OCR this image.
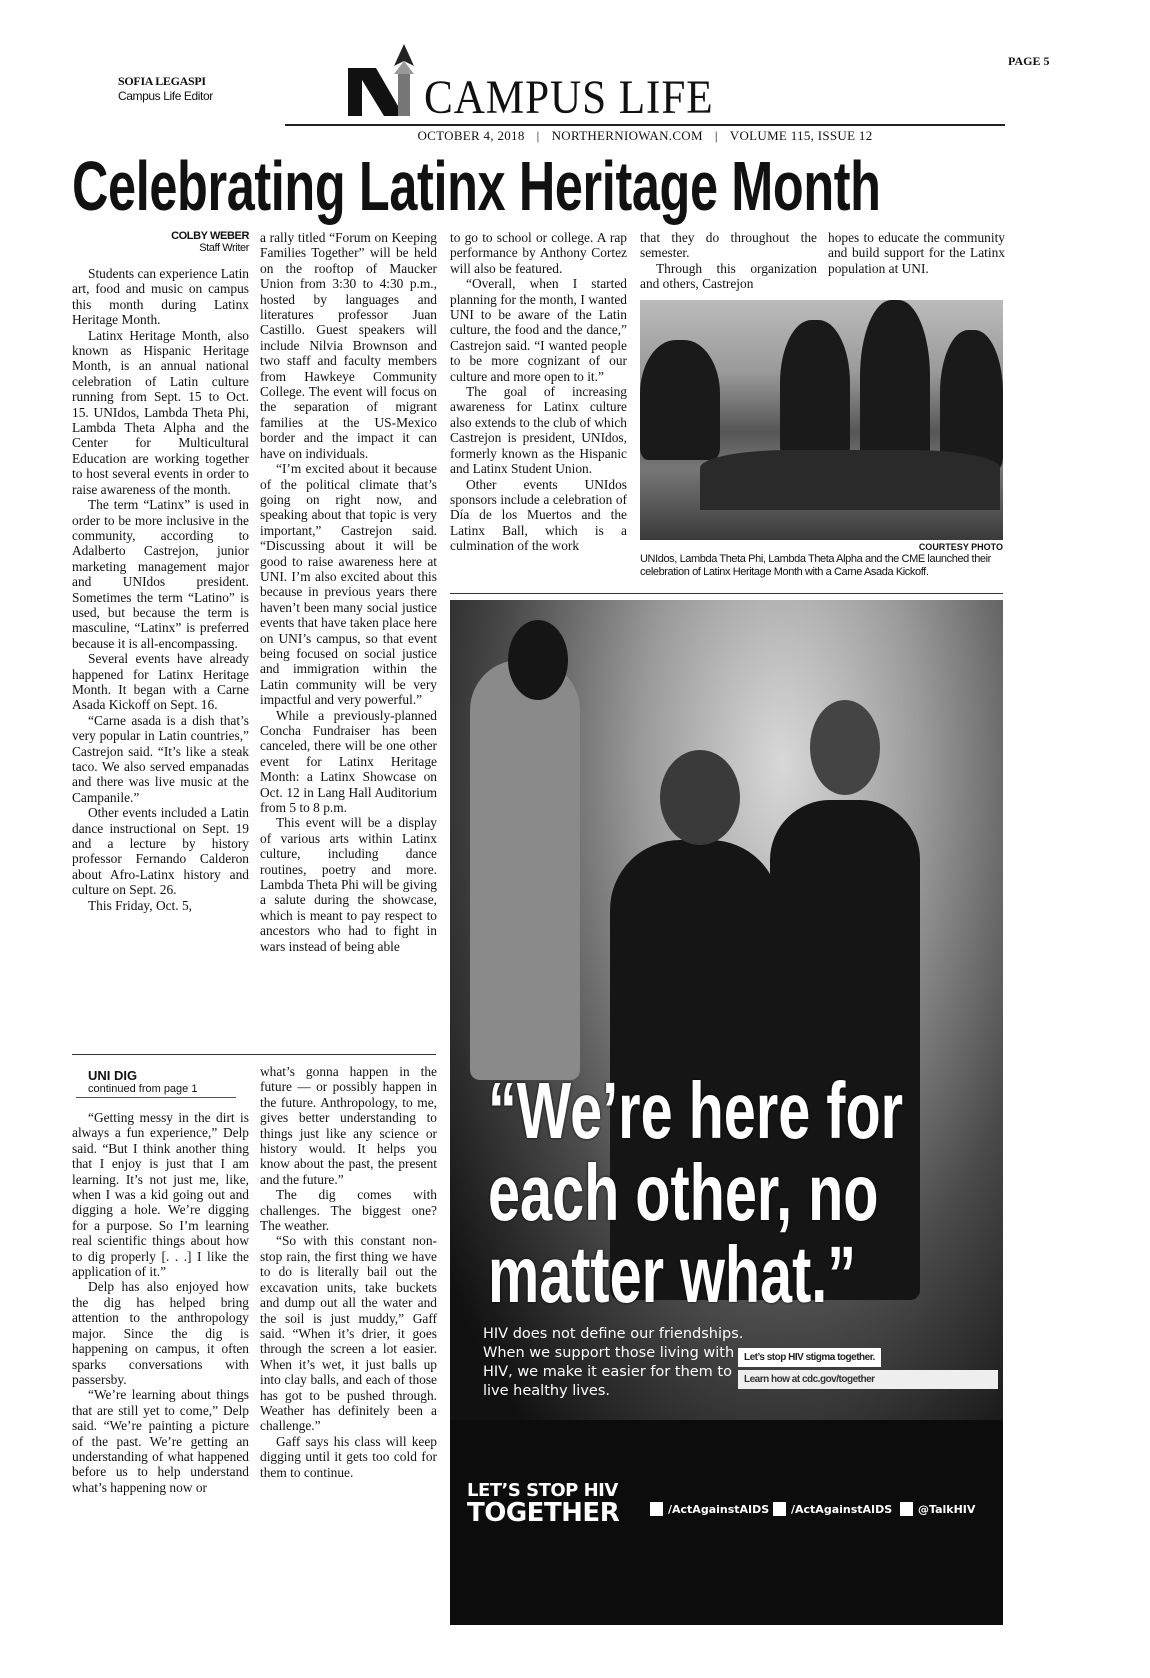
SOFIA LEGASPI
Campus Life Editor	CAMPUS LIFE
PAGE 5
OCTOBER 4, 2018 | NORTHERNIOWAN.COM | VOLUME 115, ISSUE 12
Celebrating Latinx Heritage Month
COLBY WEBER
Staff Writer

Students can experience Latin art, food and music on campus this month during Latinx Heritage Month.

Latinx Heritage Month, also known as Hispanic Heritage Month, is an annual national celebration of Latin culture running from Sept. 15 to Oct. 15. UNIdos, Lambda Theta Phi, Lambda Theta Alpha and the Center for Multicultural Education are working together to host several events in order to raise awareness of the month.

The term “Latinx” is used in order to be more inclusive in the community, according to Adalberto Castrejon, junior marketing management major and UNIdos president. Sometimes the term “Latino” is used, but because the term is masculine, “Latinx” is preferred because it is all-encompassing.

Several events have already happened for Latinx Heritage Month. It began with a Carne Asada Kickoff on Sept. 16.

“Carne asada is a dish that’s very popular in Latin countries,” Castrejon said. “It’s like a steak taco. We also served empanadas and there was live music at the Campanile.”

Other events included a Latin dance instructional on Sept. 19 and a lecture by history professor Fernando Calderon about Afro-Latinx history and culture on Sept. 26.

This Friday, Oct. 5,

a rally titled “Forum on Keeping Families Together” will be held on the rooftop of Maucker Union from 3:30 to 4:30 p.m., hosted by languages and literatures professor Juan Castillo. Guest speakers will include Nilvia Brownson and two staff and faculty members from Hawkeye Community College. The event will focus on the separation of migrant families at the US-Mexico border and the impact it can have on individuals.

“I’m excited about it because of the political climate that’s going on right now, and speaking about that topic is very important,” Castrejon said. “Discussing about it will be good to raise awareness here at UNI. I’m also excited about this because in previous years there haven’t been many social justice events that have taken place here on UNI’s campus, so that event being focused on social justice and immigration within the Latin community will be very impactful and very powerful.”

While a previously-planned Concha Fundraiser has been canceled, there will be one other event for Latinx Heritage Month: a Latinx Showcase on Oct. 12 in Lang Hall Auditorium from 5 to 8 p.m.

This event will be a display of various arts within Latinx culture, including dance routines, poetry and more. Lambda Theta Phi will be giving a salute during the showcase, which is meant to pay respect to ancestors who had to fight in wars instead of being able

to go to school or college. A rap performance by Anthony Cortez will also be featured.

“Overall, when I started planning for the month, I wanted UNI to be aware of the Latin culture, the food and the dance,” Castrejon said. “I wanted people to be more cognizant of our culture and more open to it.”

The goal of increasing awareness for Latinx culture also extends to the club of which Castrejon is president, UNIdos, formerly known as the Hispanic and Latinx Student Union.

Other events UNIdos sponsors include a celebration of Día de los Muertos and the Latinx Ball, which is a culmination of the work

that they do throughout the semester.

Through this organization and others, Castrejon

hopes to educate the community and build support for the Latinx population at UNI.

COURTESY PHOTO
UNIdos, Lambda Theta Phi, Lambda Theta Alpha and the CME launched their celebration of Latinx Heritage Month with a Carne Asada Kickoff.
UNI DIG
continued from page 1

“Getting messy in the dirt is always a fun experience,” Delp said. “But I think another thing that I enjoy is just that I am learning. It’s not just me, like, when I was a kid going out and digging a hole. We’re digging for a purpose. So I’m learning real scientific things about how to dig properly [. . .] I like the application of it.”

Delp has also enjoyed how the dig has helped bring attention to the anthropology major. Since the dig is happening on campus, it often sparks conversations with passersby.

“We’re learning about things that are still yet to come,” Delp said. “We’re painting a picture of the past. We’re getting an understanding of what happened before us to help understand what’s happening now or

what’s gonna happen in the future — or possibly happen in the future. Anthropology, to me, gives better understanding to things just like any science or history would. It helps you know about the past, the present and the future.”

The dig comes with challenges. The biggest one? The weather.

“So with this constant non-stop rain, the first thing we have to do is literally bail out the excavation units, take buckets and dump out all the water and the soil is just muddy,” Gaff said. “When it’s drier, it goes through the screen a lot easier. When it’s wet, it just balls up into clay balls, and each of those has got to be pushed through. Weather has definitely been a challenge.”

Gaff says his class will keep digging until it gets too cold for them to continue.

“We’re here for
each other, no
matter what.”
HIV does not define our friendships. When we support those living with HIV, we make it easier for them to live healthy lives.
Let’s stop HIV stigma together.
Learn how at cdc.gov/together
LET’S STOP HIV
TOGETHER	/ActAgainstAIDS /ActAgainstAIDS @TalkHIV
